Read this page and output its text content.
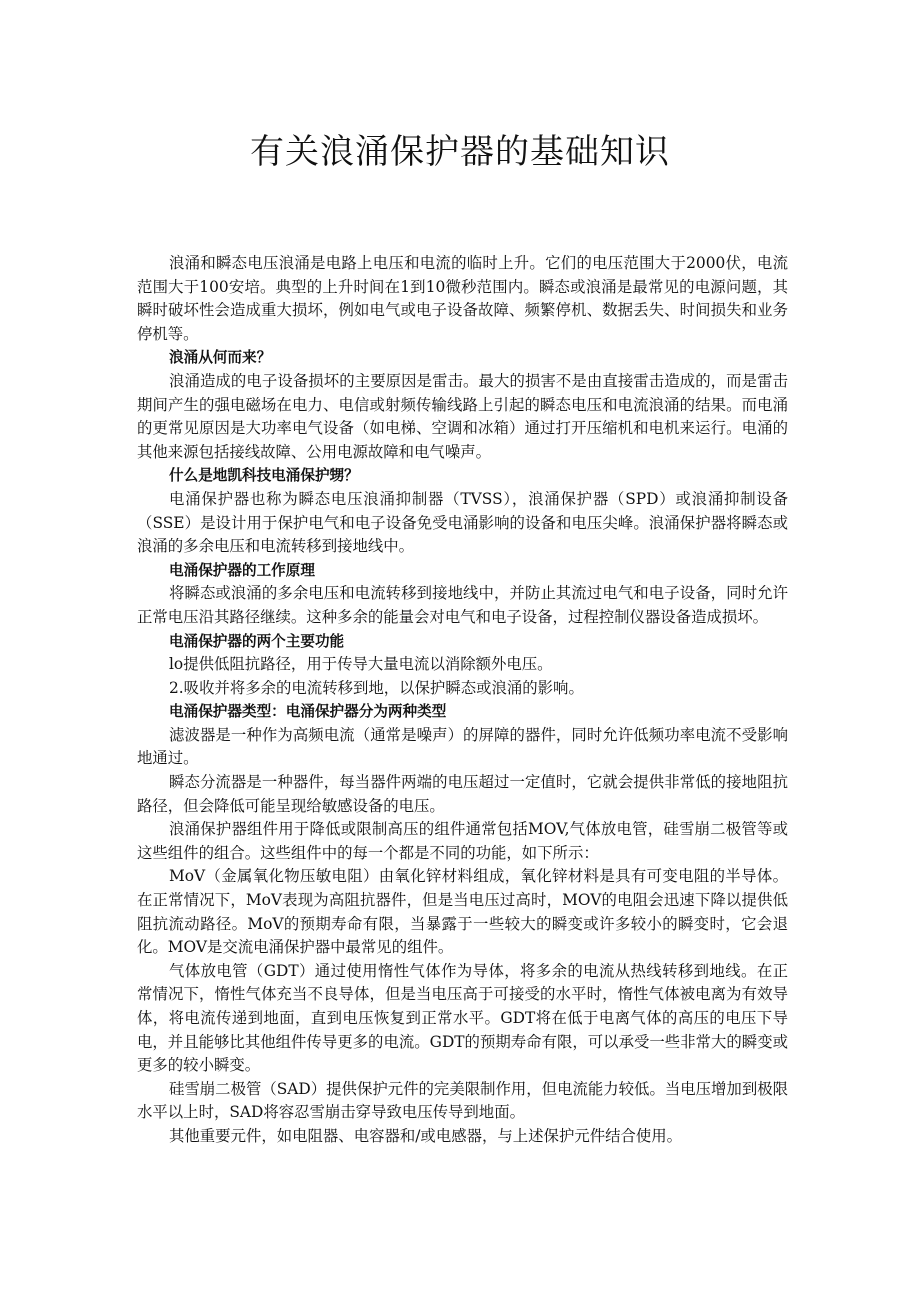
有关浪涌保护器的基础知识

浪涌和瞬态电压浪涌是电路上电压和电流的临时上升。它们的电压范围大于2000伏，电流范围大于100安培。典型的上升时间在1到10微秒范围内。瞬态或浪涌是最常见的电源问题，其瞬时破坏性会造成重大损坏，例如电气或电子设备故障、频繁停机、数据丢失、时间损失和业务停机等。

浪涌从何而来？

浪涌造成的电子设备损坏的主要原因是雷击。最大的损害不是由直接雷击造成的，而是雷击期间产生的强电磁场在电力、电信或射频传输线路上引起的瞬态电压和电流浪涌的结果。而电涌的更常见原因是大功率电气设备（如电梯、空调和冰箱）通过打开压缩机和电机来运行。电涌的其他来源包括接线故障、公用电源故障和电气噪声。

什么是地凯科技电涌保护甥？

电涌保护器也称为瞬态电压浪涌抑制器（TVSS），浪涌保护器（SPD）或浪涌抑制设备（SSE）是设计用于保护电气和电子设备免受电涌影响的设备和电压尖峰。浪涌保护器将瞬态或浪涌的多余电压和电流转移到接地线中。

电涌保护器的工作原理

将瞬态或浪涌的多余电压和电流转移到接地线中，并防止其流过电气和电子设备，同时允许正常电压沿其路径继续。这种多余的能量会对电气和电子设备，过程控制仪器设备造成损坏。

电涌保护器的两个主要功能

lo提供低阻抗路径，用于传导大量电流以消除额外电压。

2.吸收并将多余的电流转移到地，以保护瞬态或浪涌的影响。

电涌保护器类型：电涌保护器分为两种类型

滤波器是一种作为高频电流（通常是噪声）的屏障的器件，同时允许低频功率电流不受影响地通过。

瞬态分流器是一种器件，每当器件两端的电压超过一定值时，它就会提供非常低的接地阻抗路径，但会降低可能呈现给敏感设备的电压。

浪涌保护器组件用于降低或限制高压的组件通常包括MOV,气体放电管，硅雪崩二极管等或这些组件的组合。这些组件中的每一个都是不同的功能，如下所示：

MoV（金属氧化物压敏电阻）由氧化锌材料组成，氧化锌材料是具有可变电阻的半导体。在正常情况下，MoV表现为高阻抗器件，但是当电压过高时，MOV的电阻会迅速下降以提供低阻抗流动路径。MoV的预期寿命有限，当暴露于一些较大的瞬变或许多较小的瞬变时，它会退化。MOV是交流电涌保护器中最常见的组件。

气体放电管（GDT）通过使用惰性气体作为导体，将多余的电流从热线转移到地线。在正常情况下，惰性气体充当不良导体，但是当电压高于可接受的水平时，惰性气体被电离为有效导体，将电流传递到地面，直到电压恢复到正常水平。GDT将在低于电离气体的高压的电压下导电，并且能够比其他组件传导更多的电流。GDT的预期寿命有限，可以承受一些非常大的瞬变或更多的较小瞬变。

硅雪崩二极管（SAD）提供保护元件的完美限制作用，但电流能力较低。当电压增加到极限水平以上时，SAD将容忍雪崩击穿导致电压传导到地面。

其他重要元件，如电阻器、电容器和/或电感器，与上述保护元件结合使用。
